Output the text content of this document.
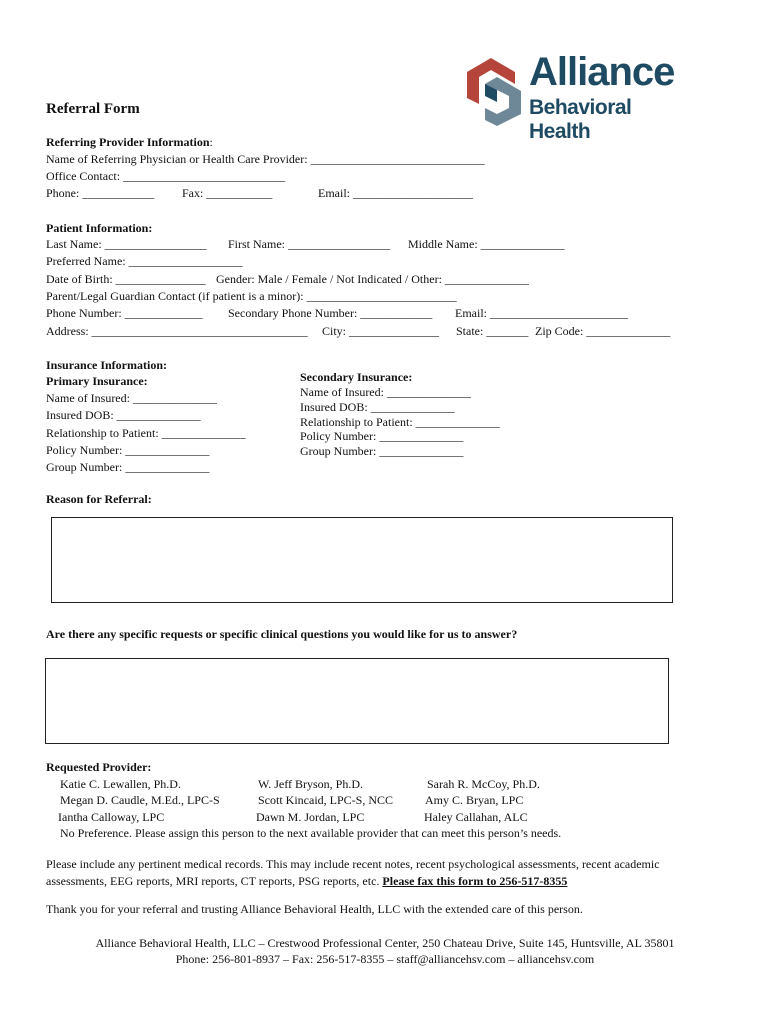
Alliance
Behavioral Health
Referral Form
Referring Provider Information:
Name of Referring Physician or Health Care Provider: _____________________________
Office Contact: ___________________________
Phone: ____________ Fax: ___________	Email: ____________________
Patient Information:
Last Name: _________________ First Name: _________________ Middle Name: ______________
Preferred Name: ___________________
Date of Birth: _______________ Gender: Male / Female / Not Indicated / Other: ______________
Parent/Legal Guardian Contact (if patient is a minor): _________________________
Phone Number: _____________ Secondary Phone Number: ____________ Email: _______________________
Address: ____________________________________ City: _______________ State: _______ Zip Code: ______________
Insurance Information:
Primary Insurance:
Name of Insured: ______________
Insured DOB: ______________
Relationship to Patient: ______________
Policy Number: ______________
Group Number: ______________
Secondary Insurance:
Name of Insured: ______________
Insured DOB: ______________
Relationship to Patient: ______________
Policy Number: ______________
Group Number: ______________
Reason for Referral:
Are there any specific requests or specific clinical questions you would like for us to answer?
Requested Provider:
Katie C. Lewallen, Ph.D.
Megan D. Caudle, M.Ed., LPC-S
Iantha Calloway, LPC
W. Jeff Bryson, Ph.D.
Scott Kincaid, LPC-S, NCC
Dawn M. Jordan, LPC
Sarah R. McCoy, Ph.D.
Amy C. Bryan, LPC
Haley Callahan, ALC
No Preference. Please assign this person to the next available provider that can meet this person’s needs.
Please include any pertinent medical records. This may include recent notes, recent psychological assessments, recent academic
assessments, EEG reports, MRI reports, CT reports, PSG reports, etc. Please fax this form to 256-517-8355
Thank you for your referral and trusting Alliance Behavioral Health, LLC with the extended care of this person.
Alliance Behavioral Health, LLC – Crestwood Professional Center, 250 Chateau Drive, Suite 145, Huntsville, AL 35801
Phone: 256-801-8937 – Fax: 256-517-8355 – staff@alliancehsv.com – alliancehsv.com
